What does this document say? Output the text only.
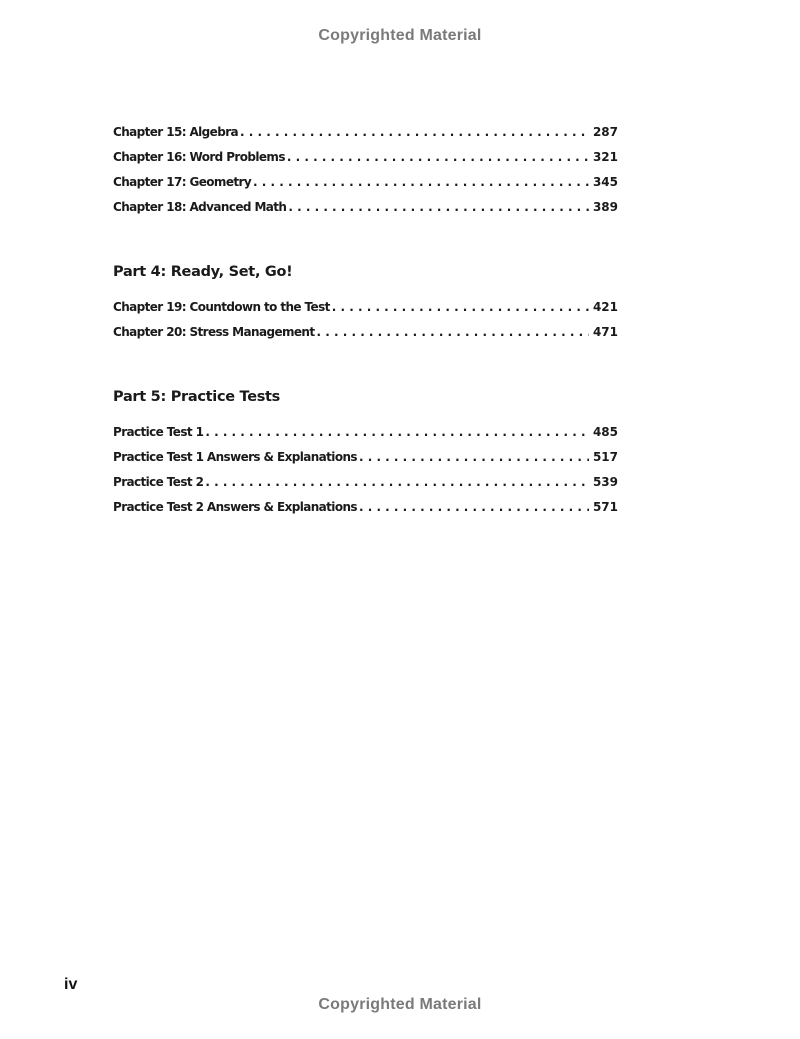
Copyrighted Material
Chapter 15: Algebra . . .	287
Chapter 16: Word Problems . . .	321
Chapter 17: Geometry . . .	345
Chapter 18: Advanced Math . . .	389
Part 4: Ready, Set, Go!
Chapter 19: Countdown to the Test . . .	421
Chapter 20: Stress Management . . .	471
Part 5: Practice Tests
Practice Test 1 . . .	485
Practice Test 1 Answers & Explanations . . .	517
Practice Test 2 . . .	539
Practice Test 2 Answers & Explanations . . .	571
iv
Copyrighted Material
